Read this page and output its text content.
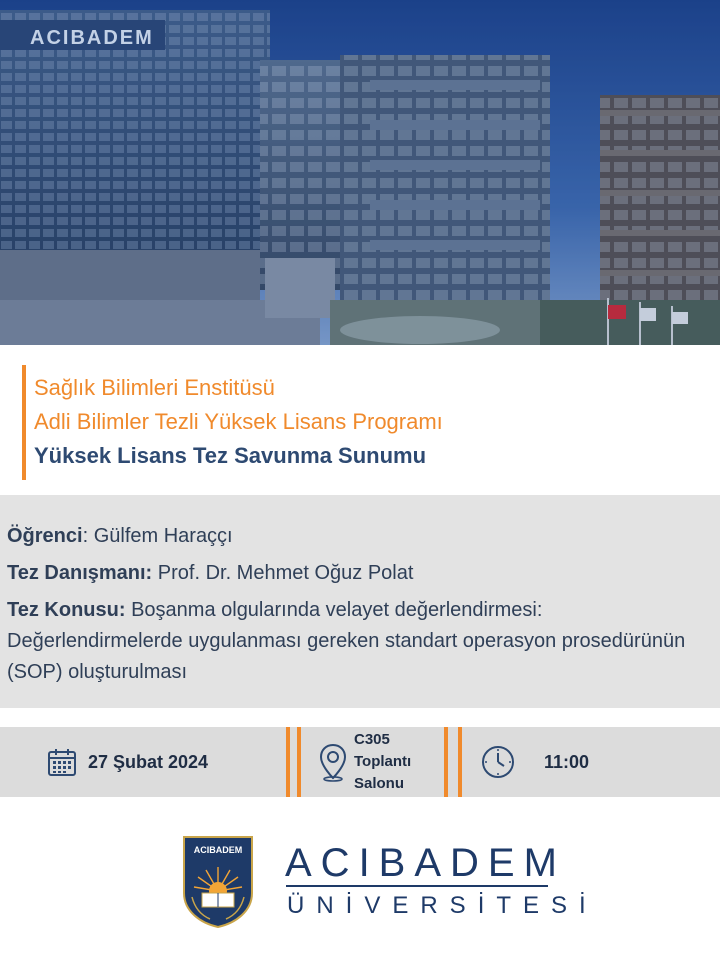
ACIBADEM
Sağlık Bilimleri Enstitüsü
Adli Bilimler Tezli Yüksek Lisans Programı
Yüksek Lisans Tez Savunma Sunumu
Öğrenci: Gülfem Haraççı
Tez Danışmanı: Prof. Dr. Mehmet Oğuz Polat
Tez Konusu: Boşanma olgularında velayet değerlendirmesi: Değerlendirmelerde uygulanması gereken standart operasyon prosedürünün (SOP) oluşturulması
27 Şubat 2024
C305
Toplantı
Salonu
11:00
ACIBADEM ACIBADEM
ÜNİVERSİTESİ
